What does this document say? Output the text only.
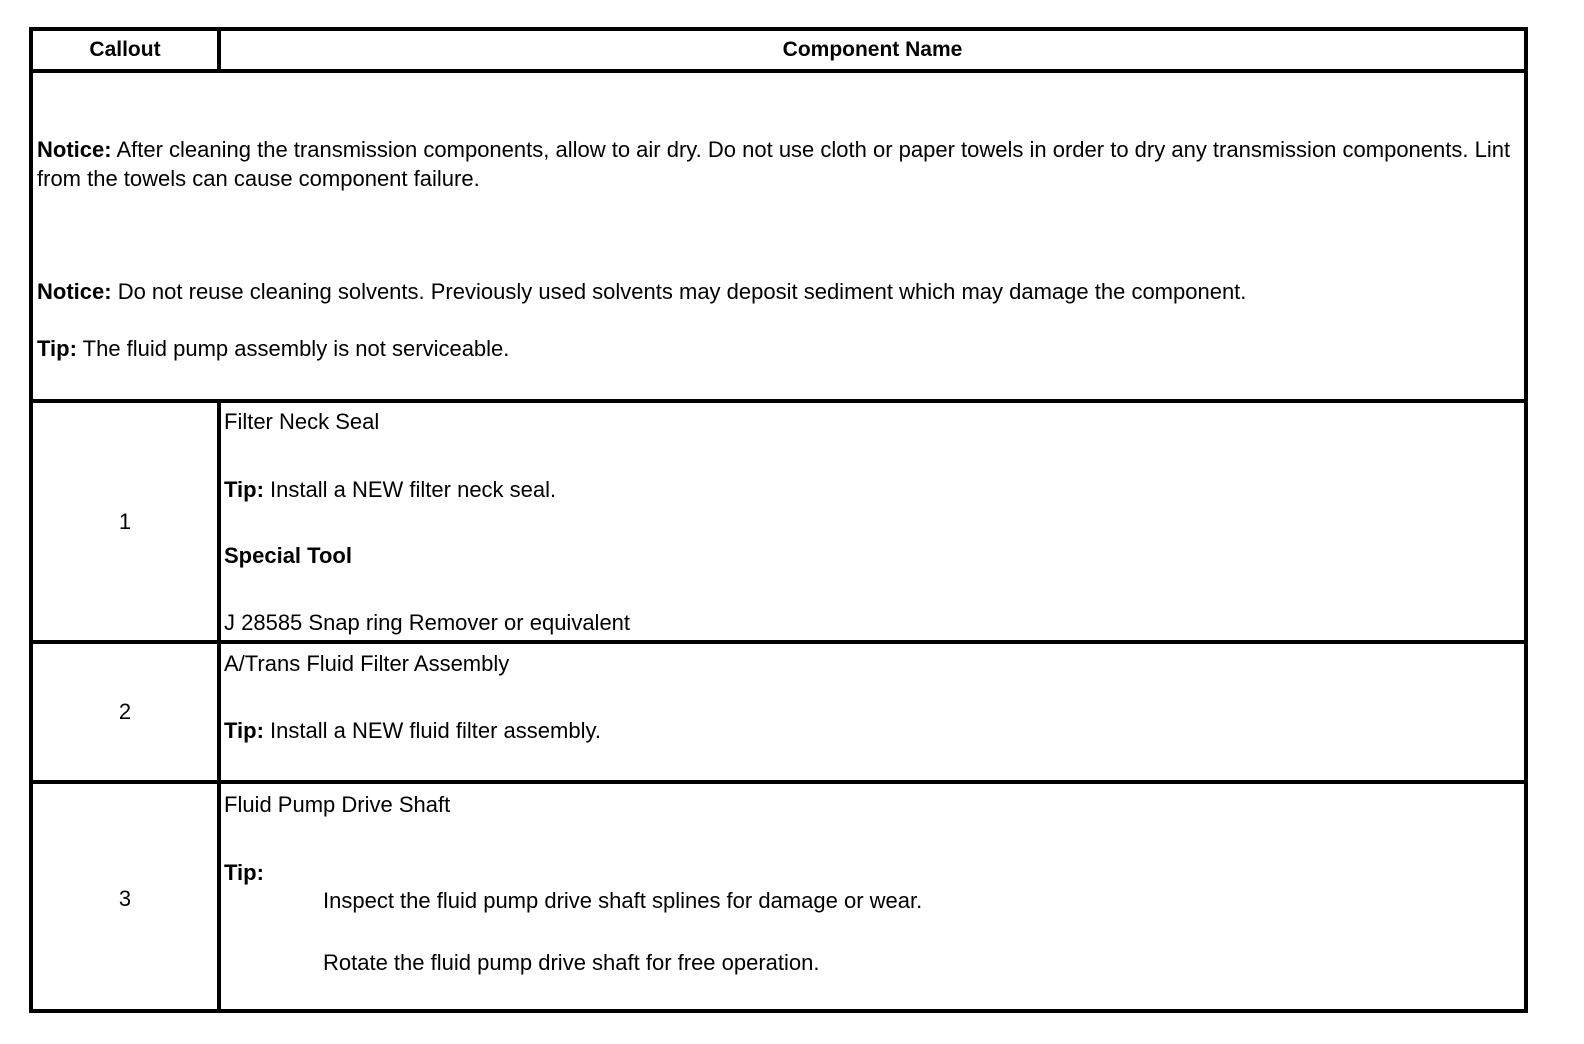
Callout	Component Name
Notice: After cleaning the transmission components, allow to air dry. Do not use cloth or paper towels in order to dry any transmission components. Lint from the towels can cause component failure.
Notice: Do not reuse cleaning solvents. Previously used solvents may deposit sediment which may damage the component.
Tip: The fluid pump assembly is not serviceable.
1
Filter Neck Seal
Tip: Install a NEW filter neck seal.
Special Tool
J 28585 Snap ring Remover or equivalent
2
A/Trans Fluid Filter Assembly
Tip: Install a NEW fluid filter assembly.
3
Fluid Pump Drive Shaft
Tip:
Inspect the fluid pump drive shaft splines for damage or wear.
Rotate the fluid pump drive shaft for free operation.
